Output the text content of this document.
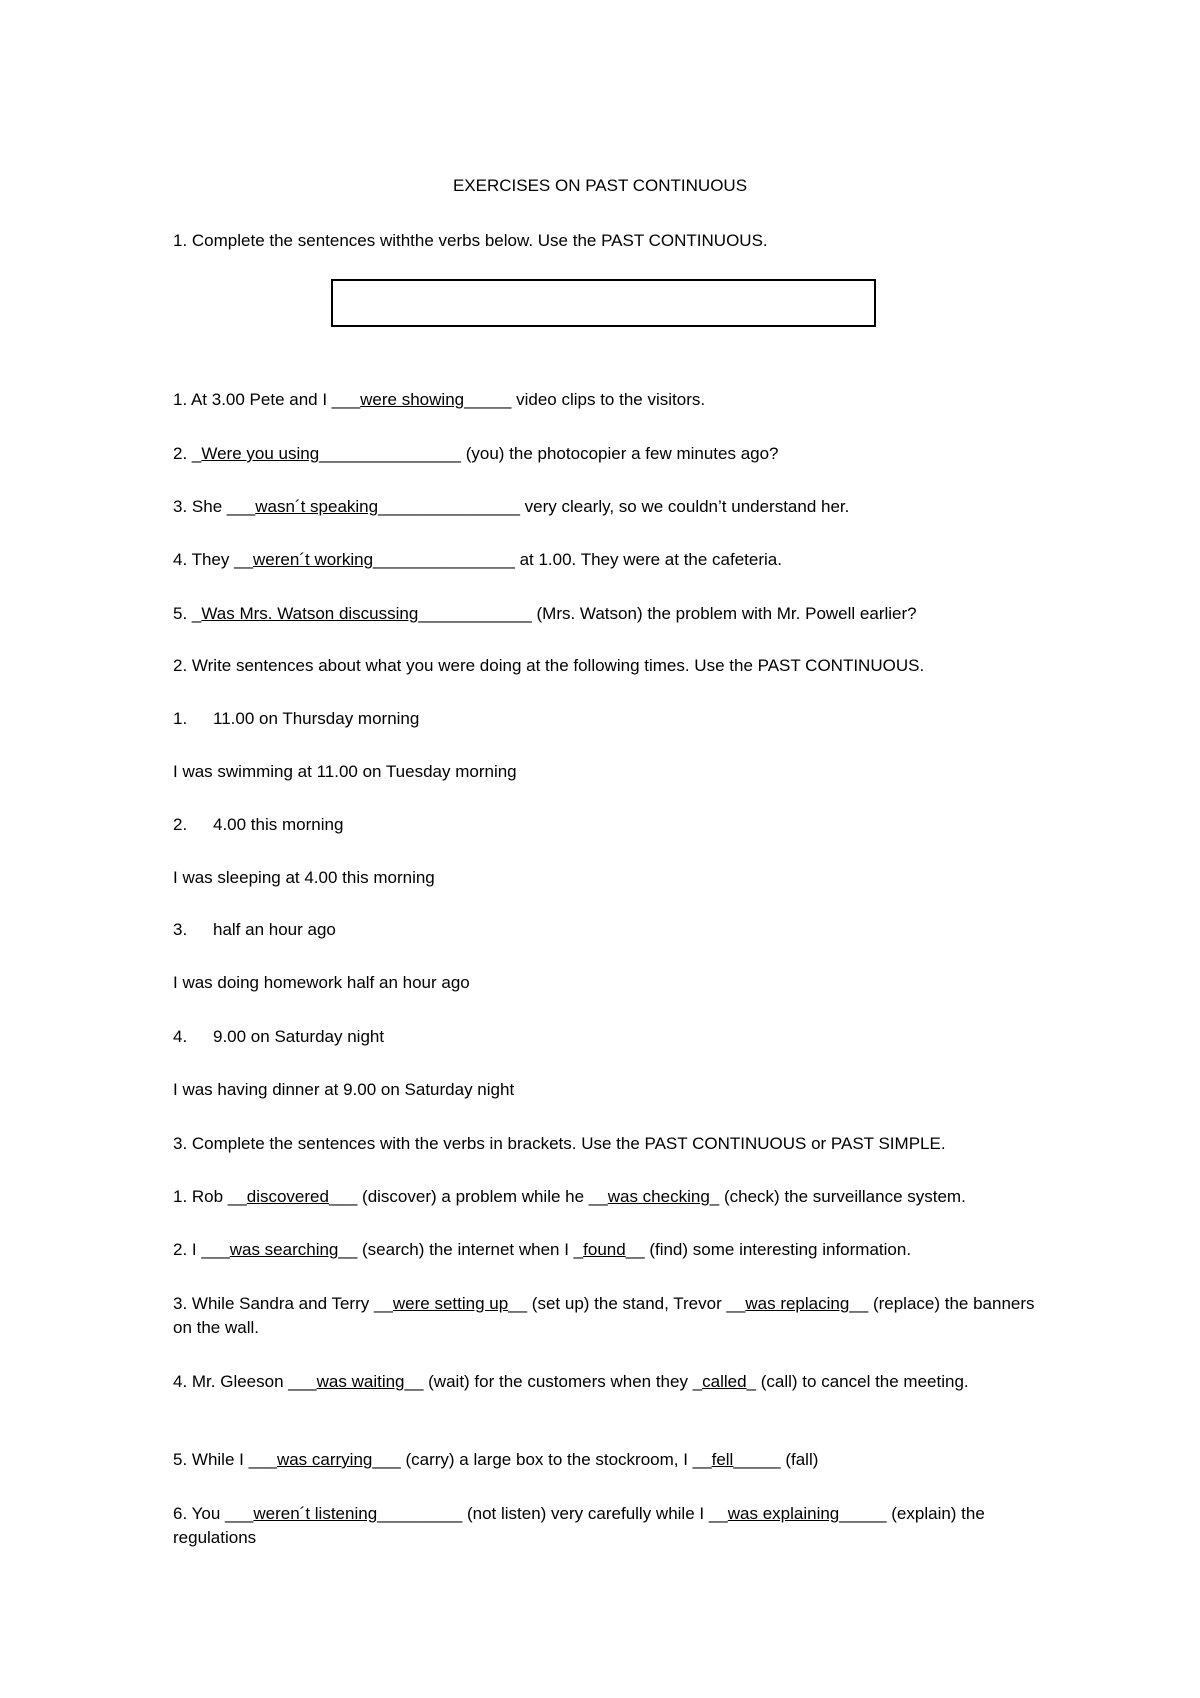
EXERCISES ON PAST CONTINUOUS
1. Complete the sentences withthe verbs below. Use the PAST CONTINUOUS.
1. At 3.00 Pete and I ___were showing_____ video clips to the visitors.
2. _Were you using_______________ (you) the photocopier a few minutes ago?
3. She ___wasn´t speaking_______________ very clearly, so we couldn’t understand her.
4. They __weren´t working_______________ at 1.00. They were at the cafeteria.
5. _Was Mrs. Watson discussing____________ (Mrs. Watson) the problem with Mr. Powell earlier?
2. Write sentences about what you were doing at the following times. Use the PAST CONTINUOUS.
1. 11.00 on Thursday morning
I was swimming at 11.00 on Tuesday morning
2. 4.00 this morning
I was sleeping at 4.00 this morning
3. half an hour ago
I was doing homework half an hour ago
4. 9.00 on Saturday night
I was having dinner at 9.00 on Saturday night
3. Complete the sentences with the verbs in brackets. Use the PAST CONTINUOUS or PAST SIMPLE.
1. Rob __discovered___ (discover) a problem while he __was checking_ (check) the surveillance system.
2. I ___was searching__ (search) the internet when I _found__ (find) some interesting information.
3. While Sandra and Terry __were setting up__ (set up) the stand, Trevor __was replacing__ (replace) the banners on the wall.
4. Mr. Gleeson ___was waiting__ (wait) for the customers when they _called_ (call) to cancel the meeting.
5. While I ___was carrying___ (carry) a large box to the stockroom, I __fell_____ (fall)
6. You ___weren´t listening_________ (not listen) very carefully while I __was explaining_____ (explain) the regulations
